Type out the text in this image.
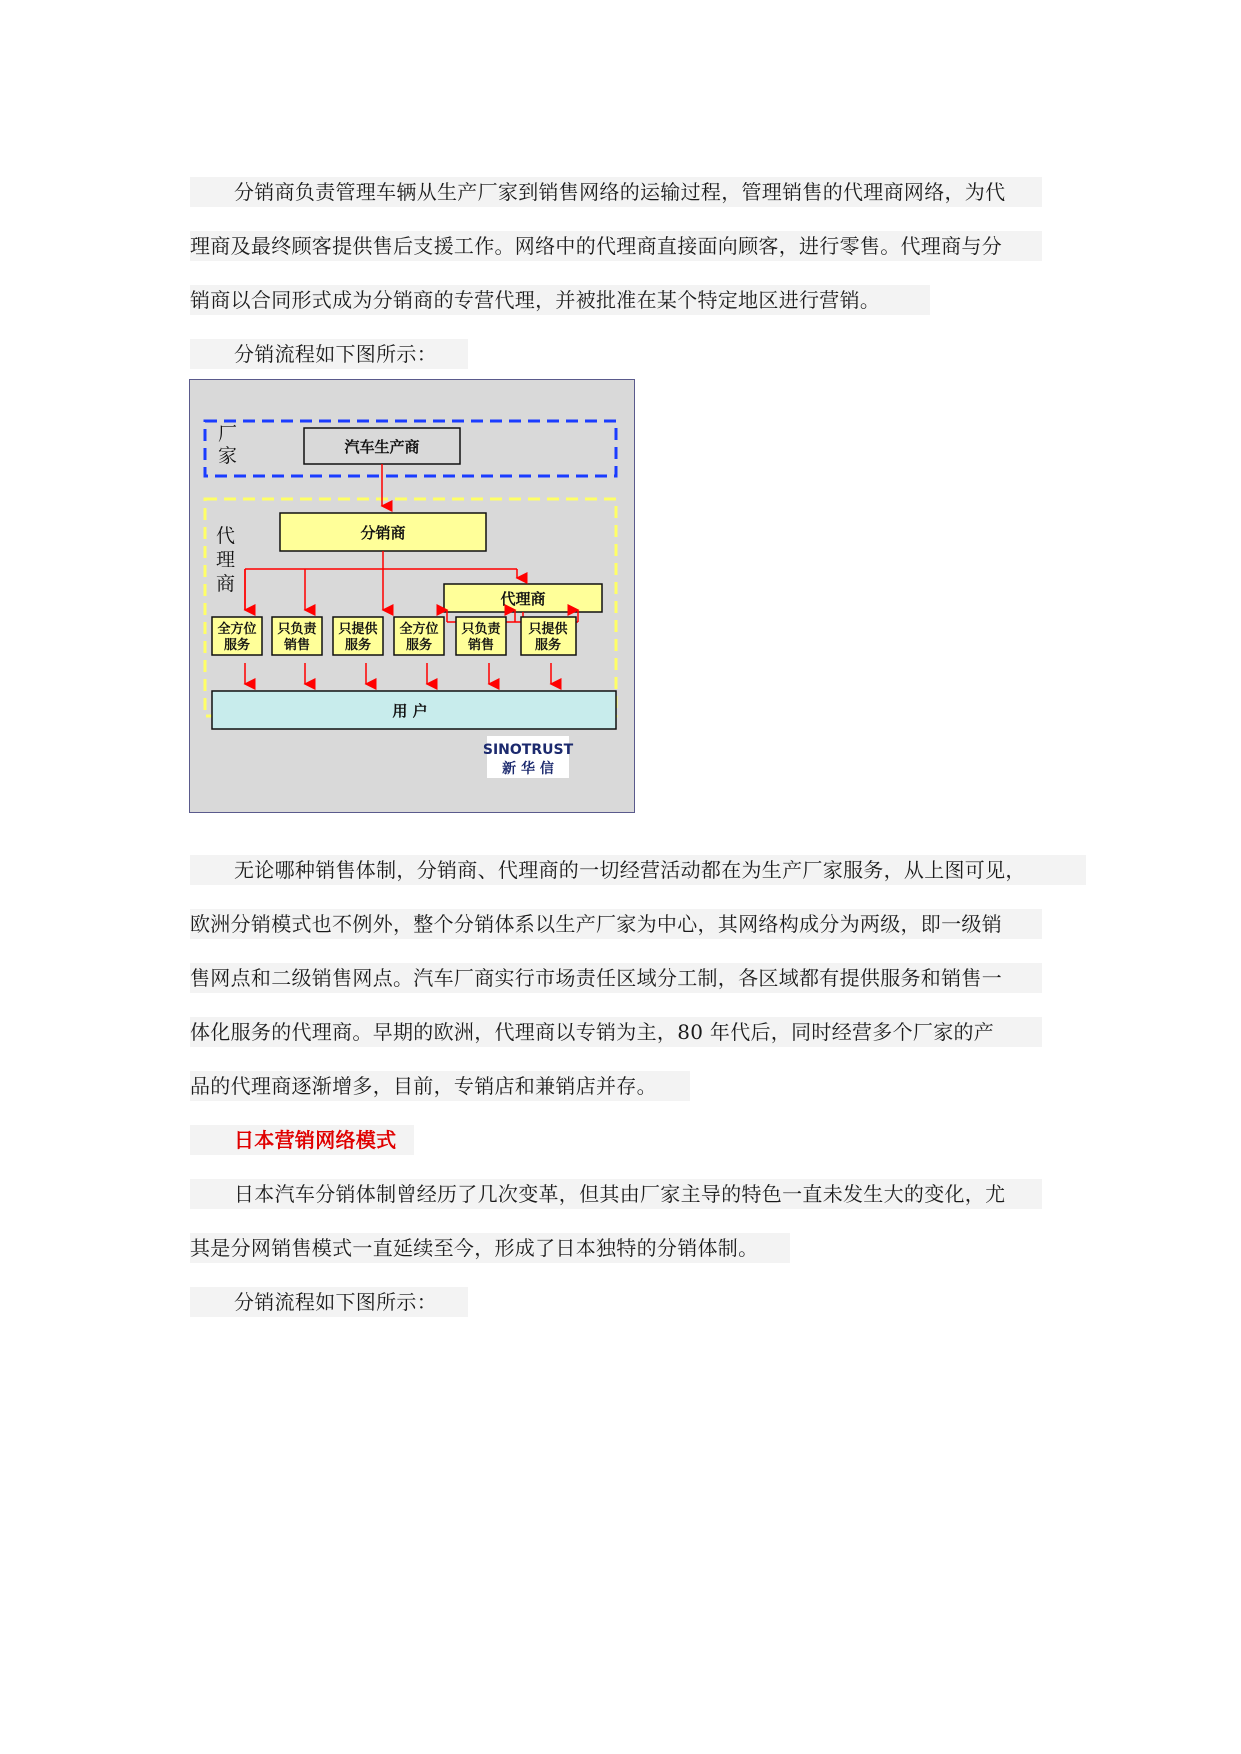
分销商负责管理车辆从生产厂家到销售网络的运输过程，管理销售的代理商网络，为代
理商及最终顾客提供售后支援工作。网络中的代理商直接面向顾客，进行零售。代理商与分
销商以合同形式成为分销商的专营代理，并被批准在某个特定地区进行营销。
分销流程如下图所示：
厂家	汽车生产商
分销商
代理商
代理商
全方位
服务
只负责
销售
只提供
服务
全方位
服务
只负责
销售
只提供
服务
用 户
SINOTRUST
新 华 信
无论哪种销售体制，分销商、代理商的一切经营活动都在为生产厂家服务，从上图可见，
欧洲分销模式也不例外，整个分销体系以生产厂家为中心，其网络构成分为两级，即一级销
售网点和二级销售网点。汽车厂商实行市场责任区域分工制，各区域都有提供服务和销售一
体化服务的代理商。早期的欧洲，代理商以专销为主，80 年代后，同时经营多个厂家的产
品的代理商逐渐增多，目前，专销店和兼销店并存。
日本营销网络模式
日本汽车分销体制曾经历了几次变革，但其由厂家主导的特色一直未发生大的变化，尤
其是分网销售模式一直延续至今，形成了日本独特的分销体制。
分销流程如下图所示：
